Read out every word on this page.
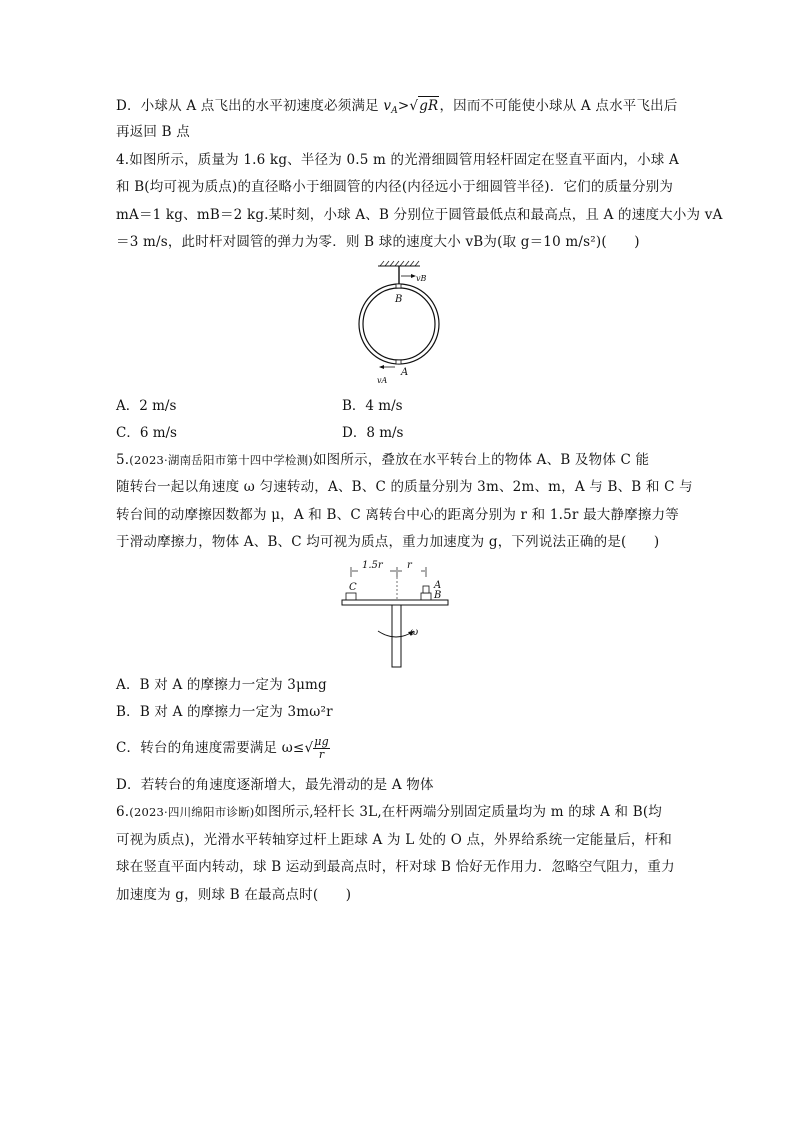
D．小球从 A 点飞出的水平初速度必须满足 $v_A>√gR$，因而不可能使小球从 A 点水平飞出后
再返回 B 点
4.如图所示，质量为 1.6 kg、半径为 0.5 m 的光滑细圆管用轻杆固定在竖直平面内，小球 A
和 B(均可视为质点)的直径略小于细圆管的内径(内径远小于细圆管半径)．它们的质量分别为
mA＝1 kg、mB＝2 kg.某时刻，小球 A、B 分别位于圆管最低点和最高点，且 A 的速度大小为 vA
＝3 m/s，此时杆对圆管的弹力为零．则 B 球的速度大小 vB为(取 g＝10 m/s²)(　　)
B
vB
A
vA
A．2 m/s	B．4 m/s
C．6 m/s	D．8 m/s
5.(2023·湖南岳阳市第十四中学检测)如图所示，叠放在水平转台上的物体 A、B 及物体 C 能
随转台一起以角速度 ω 匀速转动，A、B、C 的质量分别为 3m、2m、m，A 与 B、B 和 C 与
转台间的动摩擦因数都为 μ，A 和 B、C 离转台中心的距离分别为 r 和 1.5r 最大静摩擦力等
于滑动摩擦力，物体 A、B、C 均可视为质点，重力加速度为 g，下列说法正确的是(　　)
1.5r r
C	A
B
ω
A．B 对 A 的摩擦力一定为 3μmg
B．B 对 A 的摩擦力一定为 3mω²r
C．转台的角速度需要满足 $\omega\le√ \frac{\mu g}{r}$
D．若转台的角速度逐渐增大，最先滑动的是 A 物体
6.(2023·四川绵阳市诊断)如图所示,轻杆长 3L,在杆两端分别固定质量均为 m 的球 A 和 B(均
可视为质点)，光滑水平转轴穿过杆上距球 A 为 L 处的 O 点，外界给系统一定能量后，杆和
球在竖直平面内转动，球 B 运动到最高点时，杆对球 B 恰好无作用力．忽略空气阻力，重力
加速度为 g，则球 B 在最高点时(　　)
